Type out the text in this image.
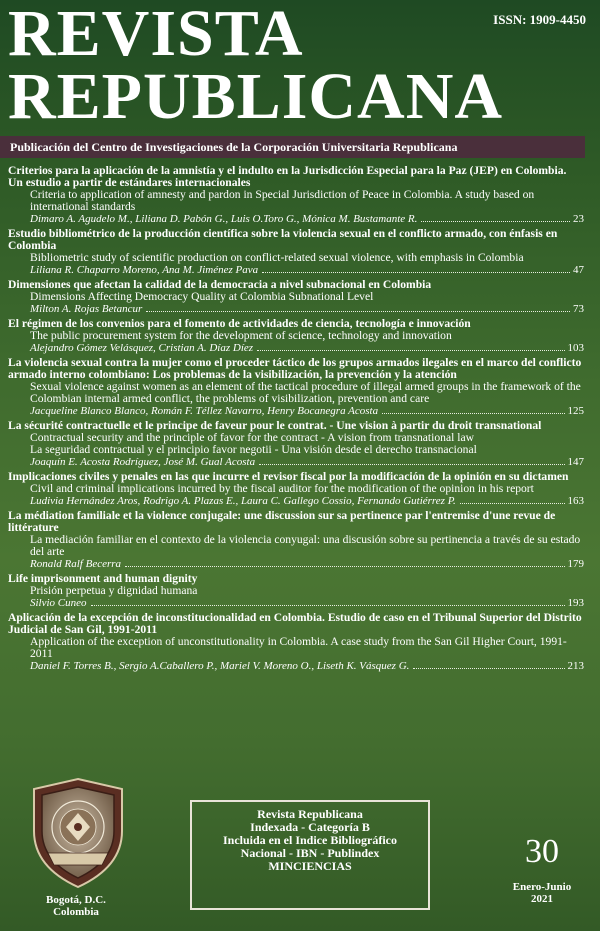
REVISTA
REPUBLICANA
ISSN: 1909-4450
Publicación del Centro de Investigaciones de la Corporación Universitaria Republicana
Criterios para la aplicación de la amnistía y el indulto en la Jurisdicción Especial para la Paz (JEP) en Colombia. Un estudio a partir de estándares internacionales
Criteria to application of amnesty and pardon in Special Jurisdiction of Peace in Colombia. A study based on international standards
Dimaro A. Agudelo M., Liliana D. Pabón G., Luis O.Toro G., Mónica M. Bustamante R.	23
Estudio bibliométrico de la producción científica sobre la violencia sexual en el conflicto armado, con énfasis en Colombia
Bibliometric study of scientific production on conflict-related sexual violence, with emphasis in Colombia
Liliana R. Chaparro Moreno, Ana M. Jiménez Pava	47
Dimensiones que afectan la calidad de la democracia a nivel subnacional en Colombia
Dimensions Affecting Democracy Quality at Colombia Subnational Level
Milton A. Rojas Betancur	73
El régimen de los convenios para el fomento de actividades de ciencia, tecnología e innovación
The public procurement system for the development of science, technology and innovation
Alejandro Gómez Velásquez, Cristian A. Díaz Díez	103
La violencia sexual contra la mujer como el proceder táctico de los grupos armados ilegales en el marco del conflicto armado interno colombiano: Los problemas de la visibilización, la prevención y la atención
Sexual violence against women as an element of the tactical procedure of illegal armed groups in the framework of the Colombian internal armed conflict, the problems of visibilization, prevention and care
Jacqueline Blanco Blanco, Román F. Téllez Navarro, Henry Bocanegra Acosta	125
La sécurité contractuelle et le principe de faveur pour le contrat. - Une vision à partir du droit transnational
Contractual security and the principle of favor for the contract - A vision from transnational law
La seguridad contractual y el principio favor negotii - Una visión desde el derecho transnacional
Joaquín E. Acosta Rodríguez, José M. Gual Acosta	147
Implicaciones civiles y penales en las que incurre el revisor fiscal por la modificación de la opinión en su dictamen
Civil and criminal implications incurred by the fiscal auditor for the modification of the opinion in his report
Ludivia Hernández Aros, Rodrigo A. Plazas E., Laura C. Gallego Cossio, Fernando Gutiérrez P.	163
La médiation familiale et la violence conjugale: une discussion sur sa pertinence par l'entremise d'une revue de littérature
La mediación familiar en el contexto de la violencia conyugal: una discusión sobre su pertinencia a través de su estado del arte
Ronald Ralf Becerra	179
Life imprisonment and human dignity
Prisión perpetua y dignidad humana
Silvio Cuneo	193
Aplicación de la excepción de inconstitucionalidad en Colombia. Estudio de caso en el Tribunal Superior del Distrito Judicial de San Gil, 1991-2011
Application of the exception of unconstitutionality in Colombia. A case study from the San Gil Higher Court, 1991-2011
Daniel F. Torres B., Sergio A.Caballero P., Mariel V. Moreno O., Liseth K. Vásquez G.	213
Bogotá, D.C.
Colombia
Revista Republicana
Indexada - Categoría B
Incluida en el Indice Bibliográfico
Nacional - IBN - Publindex
MINCIENCIAS	30
Enero-Junio
2021
